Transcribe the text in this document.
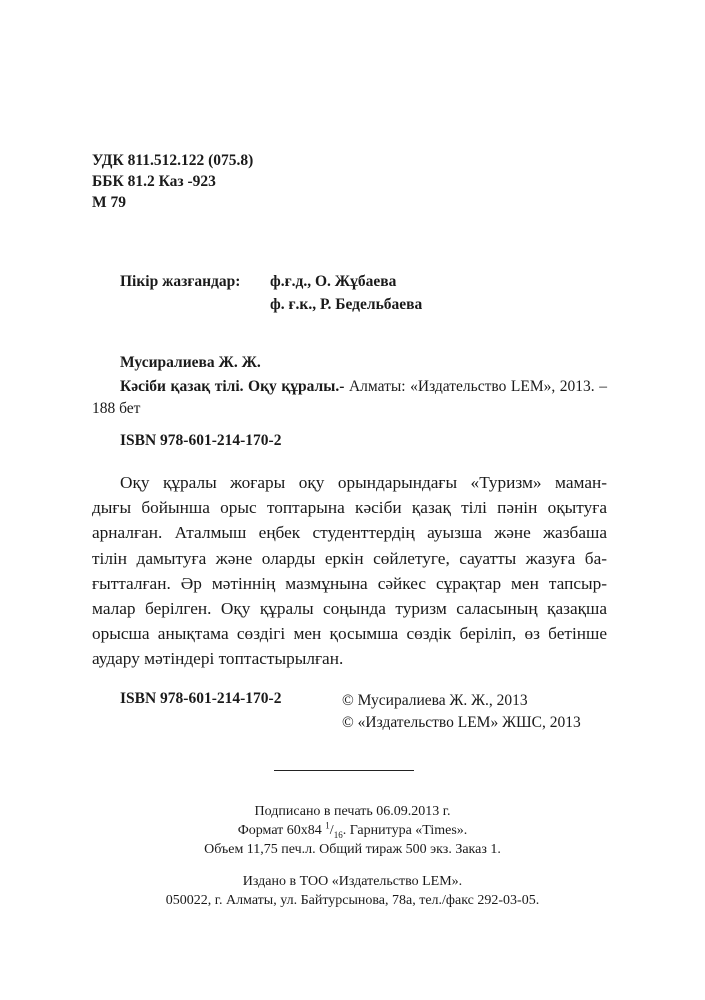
УДК 811.512.122 (075.8)
ББК 81.2 Каз -923
М 79
Пікір жазғандар: ф.ғ.д., О. Жұбаева
ф. ғ.к., Р. Бедельбаева
Мусиралиева Ж. Ж.
Кәсіби қазақ тілі. Оқу құралы.- Алматы: «Издательство LEM», 2013. – 188 бет
ISBN 978-601-214-170-2
Оқу құралы жоғары оқу орындарындағы «Туризм» маман-
дығы бойынша орыс топтарына кәсіби қазақ тілі пәнін оқытуға
арналған. Аталмыш еңбек студенттердің ауызша және жазбаша
тілін дамытуға және оларды еркін сөйлетуге, сауатты жазуға ба-
ғытталған. Әр мәтіннің мазмұнына сәйкес сұрақтар мен тапсыр-
малар берілген. Оқу құралы соңында туризм саласының қазақша
орысша анықтама сөздігі мен қосымша сөздік беріліп, өз бетінше
аудару мәтіндері топтастырылған.
ISBN 978-601-214-170-2	© Мусиралиева Ж. Ж., 2013
© «Издательство LEM» ЖШС, 2013
Подписано в печать 06.09.2013 г.
Формат 60х84 $^1/_{16}$. Гарнитура «Times».
Объем 11,75 печ.л. Общий тираж 500 экз. Заказ 1.
Издано в ТОО «Издательство LEM».
050022, г. Алматы, ул. Байтурсынова, 78а, тел./факс 292-03-05.
